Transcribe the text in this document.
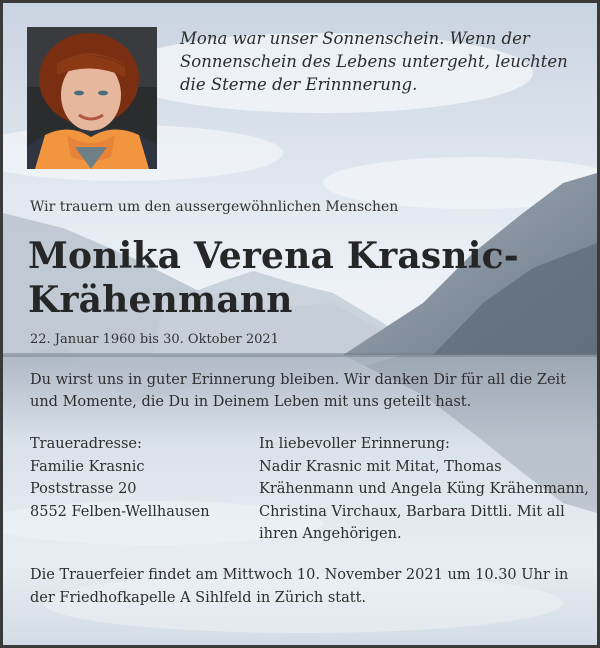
Mona war unser Sonnenschein. Wenn der Sonnenschein des Lebens untergeht, leuchten die Sterne der Erinnnerung.

Wir trauern um den aussergewöhnlichen Menschen

Monika Verena Krasnic-Krähenmann

22. Januar 1960 bis 30. Oktober 2021

Du wirst uns in guter Erinnerung bleiben. Wir danken Dir für all die Zeit und Momente, die Du in Deinem Leben mit uns geteilt hast.

Traueradresse:
Familie Krasnic
Poststrasse 20
8552 Felben-Wellhausen
In liebevoller Erinnerung:

Nadir Krasnic mit Mitat, Thomas Krähenmann und Angela Küng Krähenmann, Christina Virchaux, Barbara Dittli. Mit all ihren Angehörigen.

Die Trauerfeier findet am Mittwoch 10. November 2021 um 10.30 Uhr in der Friedhofkapelle A Sihlfeld in Zürich statt.
